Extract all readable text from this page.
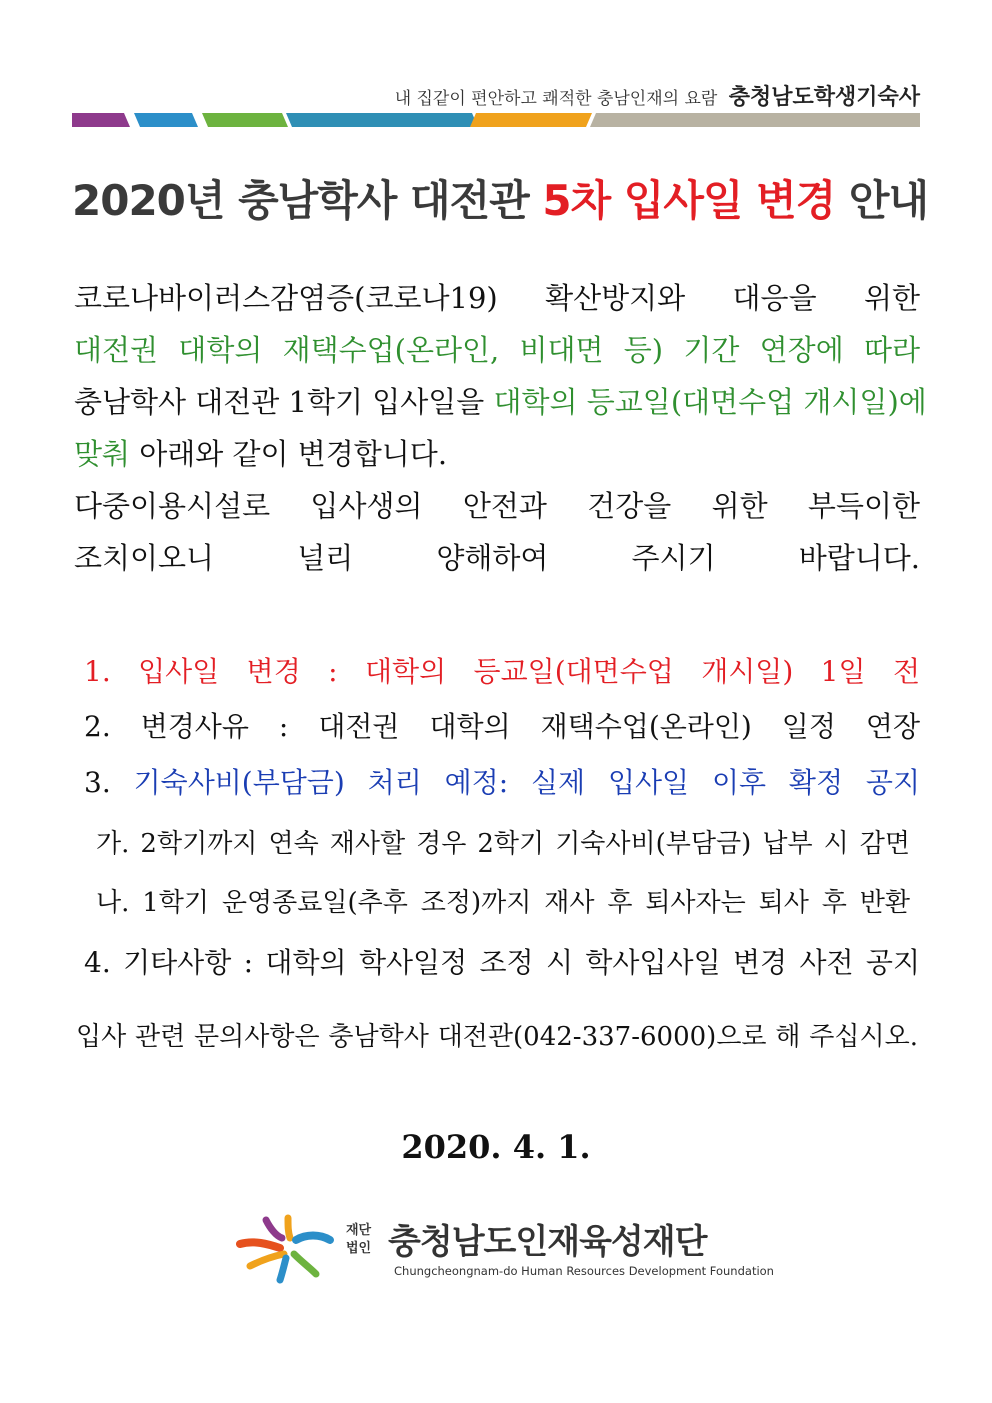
내 집같이 편안하고 쾌적한 충남인재의 요람 충청남도학생기숙사
2020년 충남학사 대전관 5차 입사일 변경 안내
코로나바이러스감염증(코로나19) 확산방지와 대응을 위한
대전권 대학의 재택수업(온라인, 비대면 등) 기간 연장에 따라
충남학사 대전관 1학기 입사일을 대학의 등교일(대면수업 개시일)에
맞춰 아래와 같이 변경합니다.
다중이용시설로 입사생의 안전과 건강을 위한 부득이한
조치이오니 널리 양해하여 주시기 바랍니다.
1. 입사일 변경 : 대학의 등교일(대면수업 개시일) 1일 전
2. 변경사유 : 대전권 대학의 재택수업(온라인) 일정 연장
3. 기숙사비(부담금) 처리 예정: 실제 입사일 이후 확정 공지
가. 2학기까지 연속 재사할 경우 2학기 기숙사비(부담금) 납부 시 감면
나. 1학기 운영종료일(추후 조정)까지 재사 후 퇴사자는 퇴사 후 반환
4. 기타사항 : 대학의 학사일정 조정 시 학사입사일 변경 사전 공지
입사 관련 문의사항은 충남학사 대전관(042-337-6000)으로 해 주십시오.
2020. 4. 1.
재단
법인 충청남도인재육성재단
Chungcheongnam-do Human Resources Development Foundation
